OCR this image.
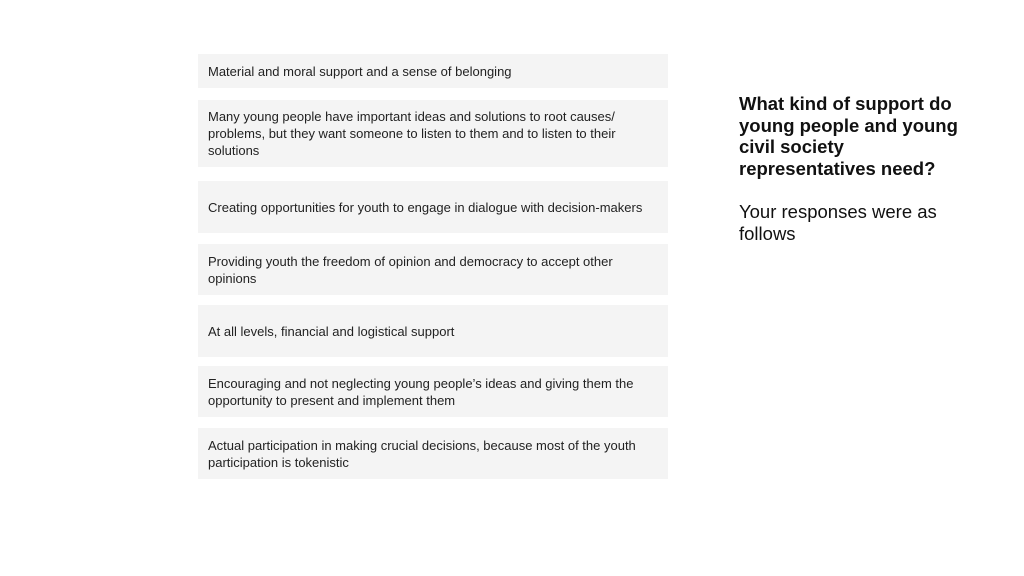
Material and moral support and a sense of belonging
Many young people have important ideas and solutions to root causes/ problems, but they want someone to listen to them and to listen to their solutions
Creating opportunities for youth to engage in dialogue with decision-makers
Providing youth the freedom of opinion and democracy to accept other opinions
At all levels, financial and logistical support
Encouraging and not neglecting young people’s ideas and giving them the opportunity to present and implement them
Actual participation in making crucial decisions, because most of the youth participation is tokenistic

What kind of support do young people and young civil society representatives need?

Your responses were as follows
